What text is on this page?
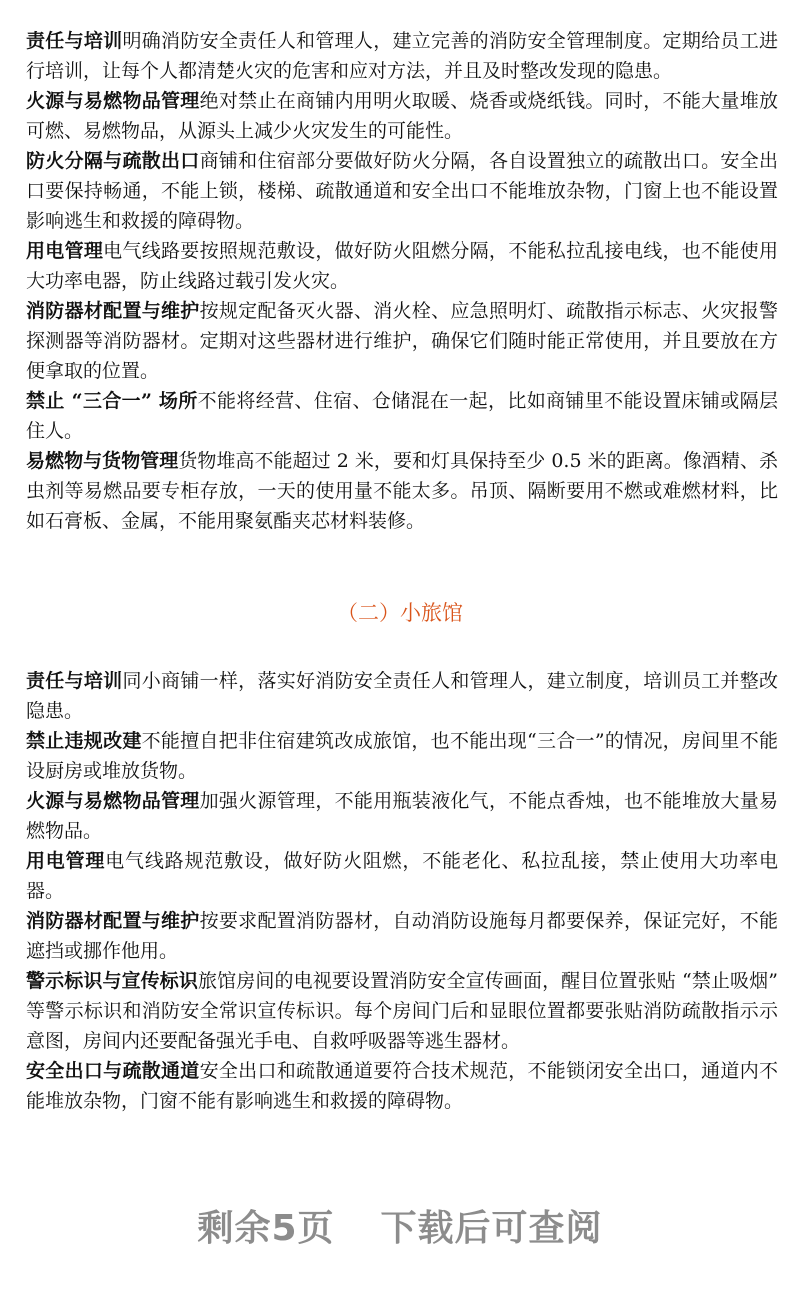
责任与培训明确消防安全责任人和管理人，建立完善的消防安全管理制度。定期给员工进行培训，让每个人都清楚火灾的危害和应对方法，并且及时整改发现的隐患。

火源与易燃物品管理绝对禁止在商铺内用明火取暖、烧香或烧纸钱。同时，不能大量堆放可燃、易燃物品，从源头上减少火灾发生的可能性。

防火分隔与疏散出口商铺和住宿部分要做好防火分隔，各自设置独立的疏散出口。安全出口要保持畅通，不能上锁，楼梯、疏散通道和安全出口不能堆放杂物，门窗上也不能设置影响逃生和救援的障碍物。

用电管理电气线路要按照规范敷设，做好防火阻燃分隔，不能私拉乱接电线，也不能使用大功率电器，防止线路过载引发火灾。

消防器材配置与维护按规定配备灭火器、消火栓、应急照明灯、疏散指示标志、火灾报警探测器等消防器材。定期对这些器材进行维护，确保它们随时能正常使用，并且要放在方便拿取的位置。

禁止 “三合一” 场所不能将经营、住宿、仓储混在一起，比如商铺里不能设置床铺或隔层住人。

易燃物与货物管理货物堆高不能超过 2 米，要和灯具保持至少 0.5 米的距离。像酒精、杀虫剂等易燃品要专柜存放，一天的使用量不能太多。吊顶、隔断要用不燃或难燃材料，比如石膏板、金属，不能用聚氨酯夹芯材料装修。

（二）小旅馆

责任与培训同小商铺一样，落实好消防安全责任人和管理人，建立制度，培训员工并整改隐患。

禁止违规改建不能擅自把非住宿建筑改成旅馆，也不能出现“三合一”的情况，房间里不能设厨房或堆放货物。

火源与易燃物品管理加强火源管理，不能用瓶装液化气，不能点香烛，也不能堆放大量易燃物品。

用电管理电气线路规范敷设，做好防火阻燃，不能老化、私拉乱接，禁止使用大功率电器。

消防器材配置与维护按要求配置消防器材，自动消防设施每月都要保养，保证完好，不能遮挡或挪作他用。

警示标识与宣传标识旅馆房间的电视要设置消防安全宣传画面，醒目位置张贴 “禁止吸烟” 等警示标识和消防安全常识宣传标识。每个房间门后和显眼位置都要张贴消防疏散指示示意图，房间内还要配备强光手电、自救呼吸器等逃生器材。

安全出口与疏散通道安全出口和疏散通道要符合技术规范，不能锁闭安全出口，通道内不能堆放杂物，门窗不能有影响逃生和救援的障碍物。

剩余5页 下载后可查阅
